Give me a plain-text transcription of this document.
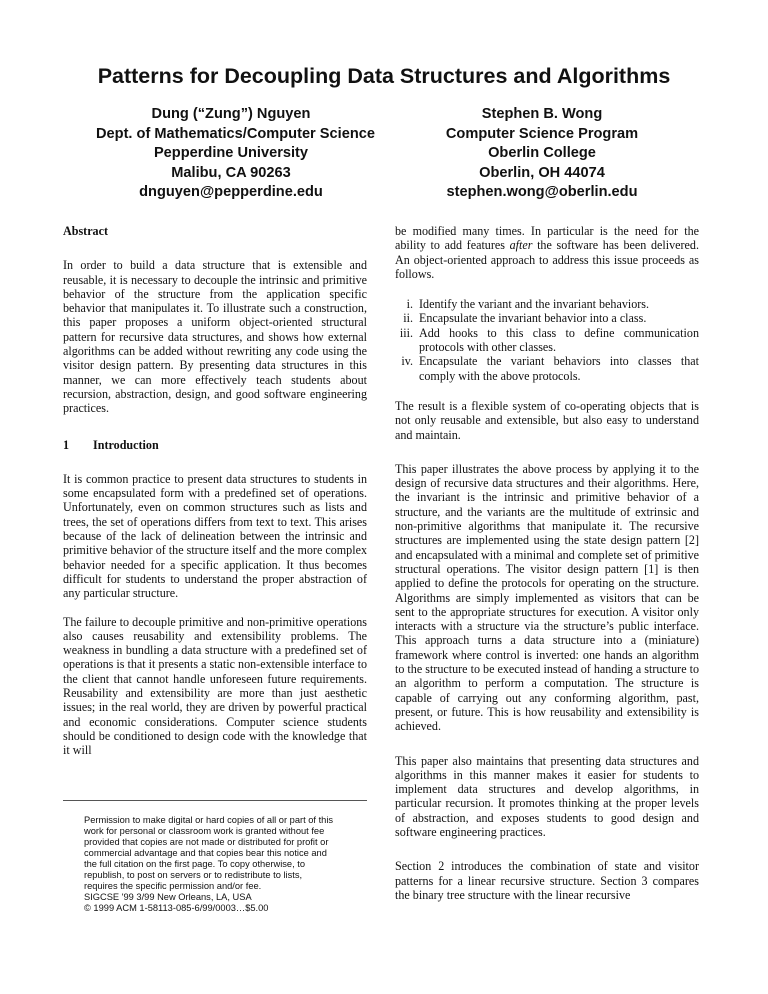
Patterns for Decoupling Data Structures and Algorithms
Dung (“Zung”) Nguyen
Dept. of Mathematics/Computer Science
Pepperdine University
Malibu, CA 90263
dnguyen@pepperdine.edu
Stephen B. Wong
Computer Science Program
Oberlin College
Oberlin, OH 44074
stephen.wong@oberlin.edu

Abstract

In order to build a data structure that is extensible and reusable, it is necessary to decouple the intrinsic and primitive behavior of the structure from the application specific behavior that manipulates it. To illustrate such a construction, this paper proposes a uniform object-oriented structural pattern for recursive data structures, and shows how external algorithms can be added without rewriting any code using the visitor design pattern. By presenting data structures in this manner, we can more effectively teach students about recursion, abstraction, design, and good software engineering practices.

1 Introduction

It is common practice to present data structures to students in some encapsulated form with a predefined set of operations. Unfortunately, even on common structures such as lists and trees, the set of operations differs from text to text. This arises because of the lack of delineation between the intrinsic and primitive behavior of the structure itself and the more complex behavior needed for a specific application. It thus becomes difficult for students to understand the proper abstraction of any particular structure.

The failure to decouple primitive and non-primitive operations also causes reusability and extensibility problems. The weakness in bundling a data structure with a predefined set of operations is that it presents a static non-extensible interface to the client that cannot handle unforeseen future requirements. Reusability and extensibility are more than just aesthetic issues; in the real world, they are driven by powerful practical and economic considerations. Computer science students should be conditioned to design code with the knowledge that it will

Permission to make digital or hard copies of all or part of this
work for personal or classroom work is granted without fee
provided that copies are not made or distributed for profit or
commercial advantage and that copies bear this notice and
the full citation on the first page. To copy otherwise, to
republish, to post on servers or to redistribute to lists,
requires the specific permission and/or fee.
SIGCSE '99 3/99 New Orleans, LA, USA
© 1999 ACM 1-58113-085-6/99/0003…$5.00

be modified many times. In particular is the need for the ability to add features after the software has been delivered. An object-oriented approach to address this issue proceeds as follows.

i. Identify the variant and the invariant behaviors.
ii. Encapsulate the invariant behavior into a class.
iii. Add hooks to this class to define communication protocols with other classes.
iv. Encapsulate the variant behaviors into classes that comply with the above protocols.

The result is a flexible system of co-operating objects that is not only reusable and extensible, but also easy to understand and maintain.

This paper illustrates the above process by applying it to the design of recursive data structures and their algorithms. Here, the invariant is the intrinsic and primitive behavior of a structure, and the variants are the multitude of extrinsic and non-primitive algorithms that manipulate it. The recursive structures are implemented using the state design pattern [2] and encapsulated with a minimal and complete set of primitive structural operations. The visitor design pattern [1] is then applied to define the protocols for operating on the structure. Algorithms are simply implemented as visitors that can be sent to the appropriate structures for execution. A visitor only interacts with a structure via the structure’s public interface. This approach turns a data structure into a (miniature) framework where control is inverted: one hands an algorithm to the structure to be executed instead of handing a structure to an algorithm to perform a computation. The structure is capable of carrying out any conforming algorithm, past, present, or future. This is how reusability and extensibility is achieved.

This paper also maintains that presenting data structures and algorithms in this manner makes it easier for students to implement data structures and develop algorithms, in particular recursion. It promotes thinking at the proper levels of abstraction, and exposes students to good design and software engineering practices.

Section 2 introduces the combination of state and visitor patterns for a linear recursive structure. Section 3 compares the binary tree structure with the linear recursive
